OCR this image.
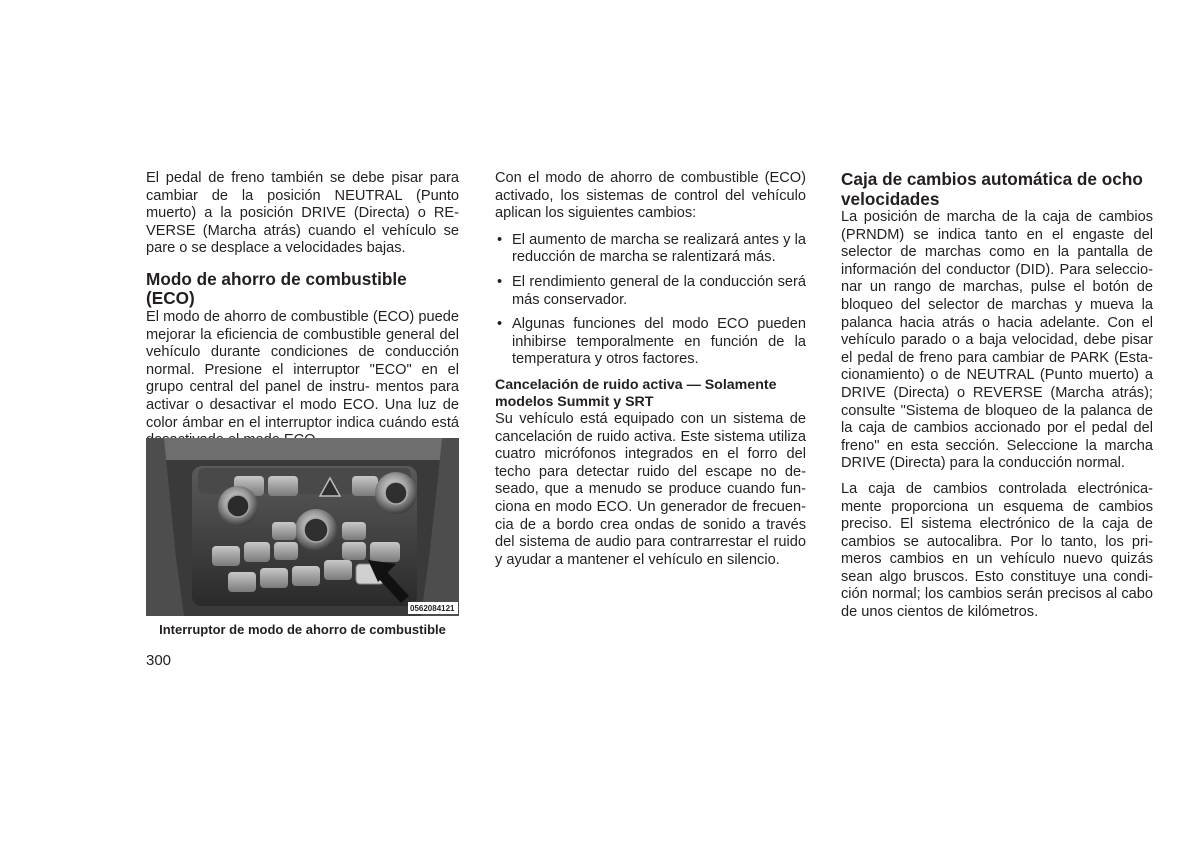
El pedal de freno también se debe pisar para cambiar de la posición NEUTRAL (Punto muerto) a la posición DRIVE (Directa) o RE- VERSE (Marcha atrás) cuando el vehículo se pare o se desplace a velocidades bajas.

Modo de ahorro de combustible (ECO)

El modo de ahorro de combustible (ECO) puede mejorar la eficiencia de combustible general del vehículo durante condiciones de conducción normal. Presione el interruptor "ECO" en el grupo central del panel de instru- mentos para activar o desactivar el modo ECO. Una luz de color ámbar en el interruptor indica cuándo está

0562084121

Interruptor de modo de ahorro de combustible

300

Con el modo de ahorro de combustible (ECO) activado, los sistemas de control del vehículo aplican los siguientes cambios:

• El aumento de marcha se realizará antes y la reducción de marcha se ralentizará más.
• El rendimiento general de la conducción será más conservador.
• Algunas funciones del modo ECO pueden inhibirse temporalmente en función de la temperatura y otros factores.
Cancelación de ruido activa — Solamente modelos Summit y SRT

Su vehículo está equipado con un sistema de cancelación de ruido activa. Este sistema utiliza cuatro micrófonos integrados en el forro del techo para detectar ruido del escape no de- seado, que a menudo se produce cuando fun- ciona en modo ECO. Un generador de frecuen- cia de a bordo crea ondas de sonido a través del sistema de audio para contrarrestar el ruido y ayudar a mantener el vehículo en silencio.

Caja de cambios automática de ocho velocidades

La posición de marcha de la caja de cambios (PRNDM) se indica tanto en el engaste del selector de marchas como en la pantalla de información del conductor (DID). Para seleccio- nar un rango de marchas, pulse el botón de bloqueo del selector de marchas y mueva la palanca hacia atrás o hacia adelante. Con el vehículo parado o a baja velocidad, debe pisar el pedal de freno para cambiar de PARK (Esta- cionamiento) o de NEUTRAL (Punto muerto) a DRIVE (Directa) o REVERSE (Marcha atrás); consulte "Sistema de bloqueo de la palanca de la caja de cambios accionado por el pedal del freno" en esta sección. Seleccione la marcha DRIVE (Directa) para la conducción normal.

La caja de cambios controlada electrónica- mente proporciona un esquema de cambios preciso. El sistema electrónico de la caja de cambios se autocalibra. Por lo tanto, los pri- meros cambios en un vehículo nuevo quizás sean algo bruscos. Esto constituye una condi- ción normal; los cambios serán precisos al cabo de unos cientos de kilómetros.
